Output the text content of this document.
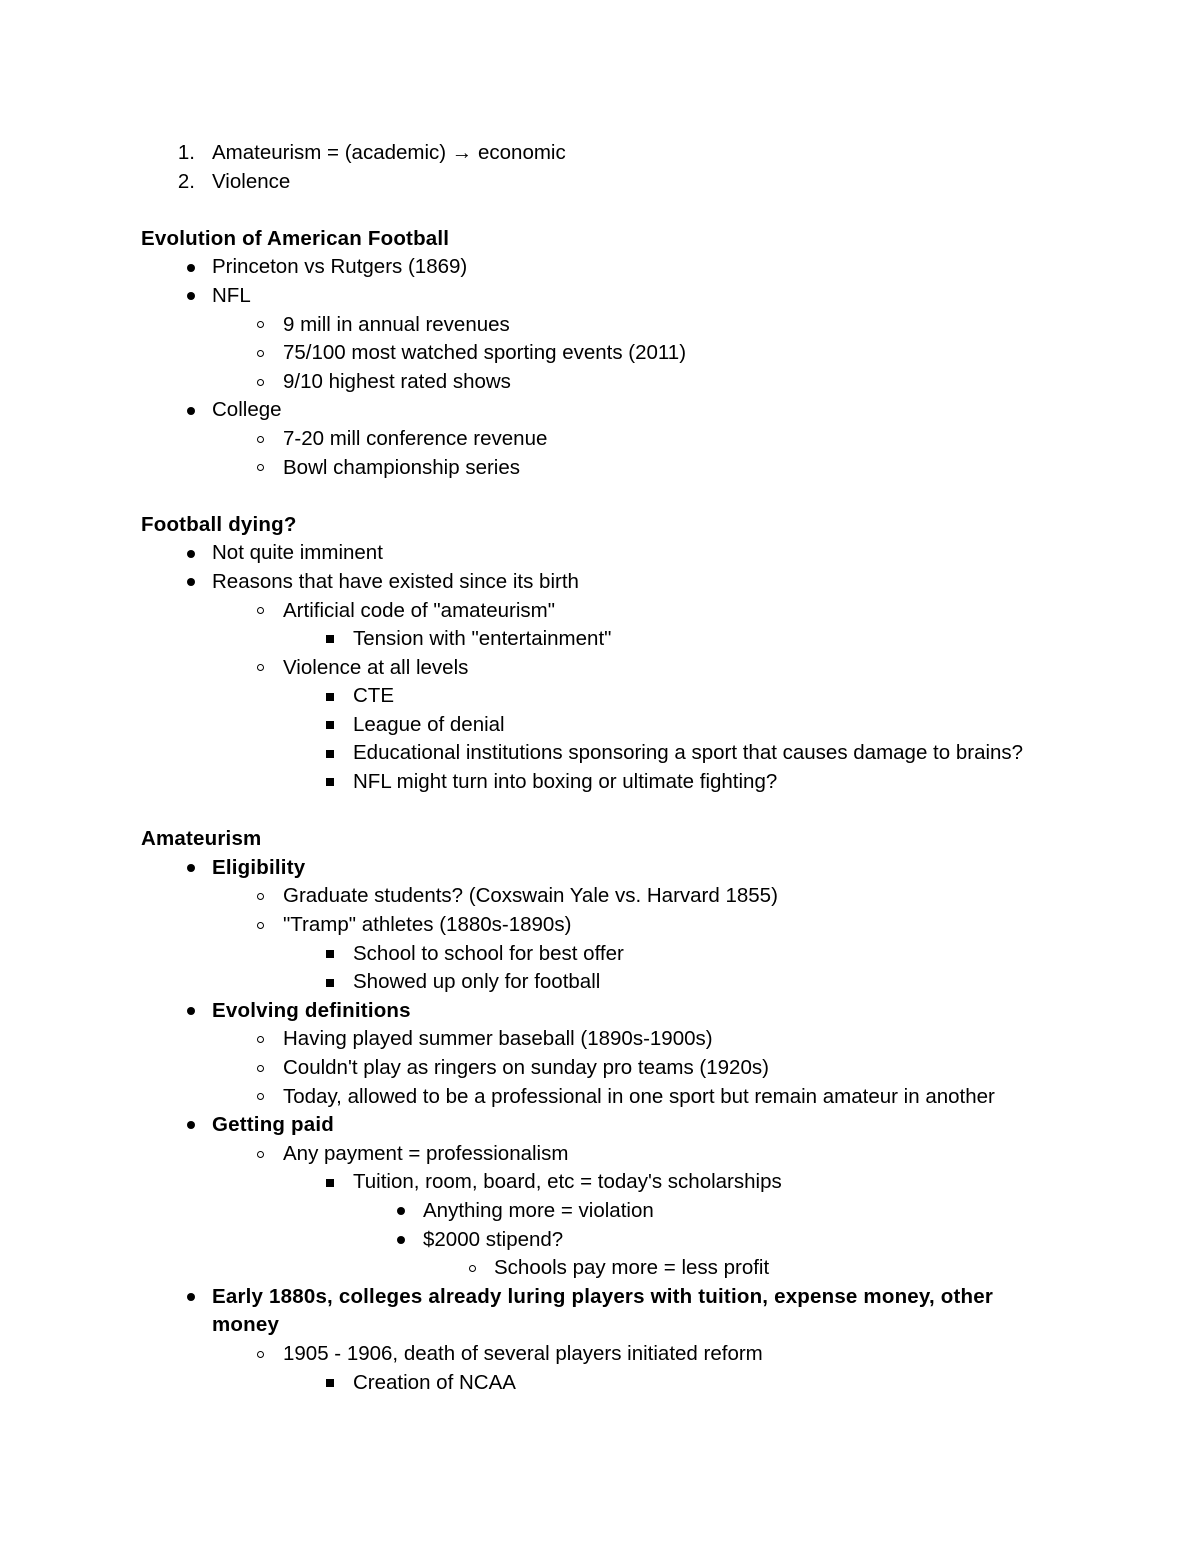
1. Amateurism = (academic) → economic
2. Violence
Evolution of American Football
Princeton vs Rutgers (1869)
NFL
9 mill in annual revenues
75/100 most watched sporting events (2011)
9/10 highest rated shows
College
7-20 mill conference revenue
Bowl championship series
Football dying?
Not quite imminent
Reasons that have existed since its birth
Artificial code of "amateurism"
Tension with "entertainment"
Violence at all levels
CTE
League of denial
Educational institutions sponsoring a sport that causes damage to brains?
NFL might turn into boxing or ultimate fighting?
Amateurism
Eligibility
Graduate students? (Coxswain Yale vs. Harvard 1855)
"Tramp" athletes (1880s-1890s)
School to school for best offer
Showed up only for football
Evolving definitions
Having played summer baseball (1890s-1900s)
Couldn't play as ringers on sunday pro teams (1920s)
Today, allowed to be a professional in one sport but remain amateur in another
Getting paid
Any payment = professionalism
Tuition, room, board, etc = today's scholarships
Anything more = violation
$2000 stipend?
Schools pay more = less profit
Early 1880s, colleges already luring players with tuition, expense money, other
money
1905 - 1906, death of several players initiated reform
Creation of NCAA
